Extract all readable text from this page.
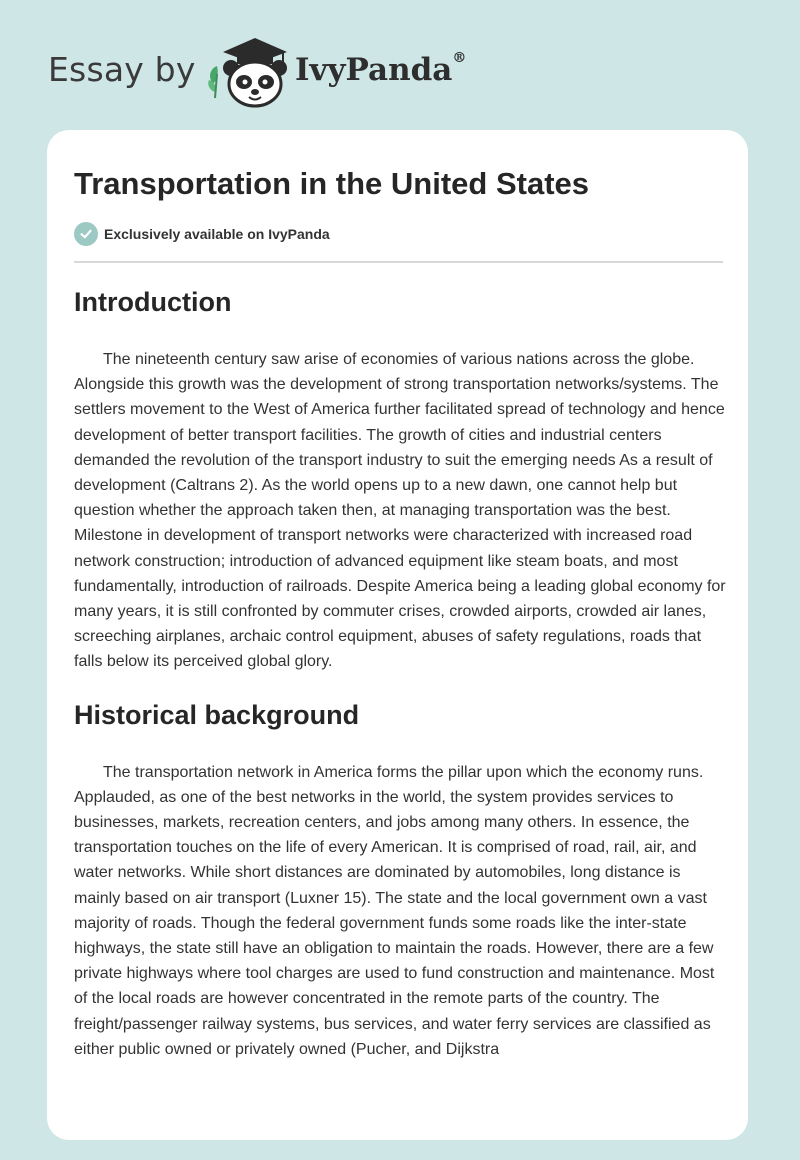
Essay by	IvyPanda®
Transportation in the United States
Exclusively available on IvyPanda
Introduction

The nineteenth century saw arise of economies of various nations across the globe. Alongside this growth was the development of strong transportation networks/systems. The settlers movement to the West of America further facilitated spread of technology and hence development of better transport facilities. The growth of cities and industrial centers demanded the revolution of the transport industry to suit the emerging needs As a result of development (Caltrans 2). As the world opens up to a new dawn, one cannot help but question whether the approach taken then, at managing transportation was the best. Milestone in development of transport networks were characterized with increased road network construction; introduction of advanced equipment like steam boats, and most fundamentally, introduction of railroads. Despite America being a leading global economy for many years, it is still confronted by commuter crises, crowded airports, crowded air lanes, screeching airplanes, archaic control equipment, abuses of safety regulations, roads that falls below its perceived global glory.

Historical background

The transportation network in America forms the pillar upon which the economy runs. Applauded, as one of the best networks in the world, the system provides services to businesses, markets, recreation centers, and jobs among many others. In essence, the transportation touches on the life of every American. It is comprised of road, rail, air, and water networks. While short distances are dominated by automobiles, long distance is mainly based on air transport (Luxner 15). The state and the local government own a vast majority of roads. Though the federal government funds some roads like the inter-state highways, the state still have an obligation to maintain the roads. However, there are a few private highways where tool charges are used to fund construction and maintenance. Most of the local roads are however concentrated in the remote parts of the country. The freight/passenger railway systems, bus services, and water ferry services are classified as either public owned or privately owned (Pucher, and Dijkstra
